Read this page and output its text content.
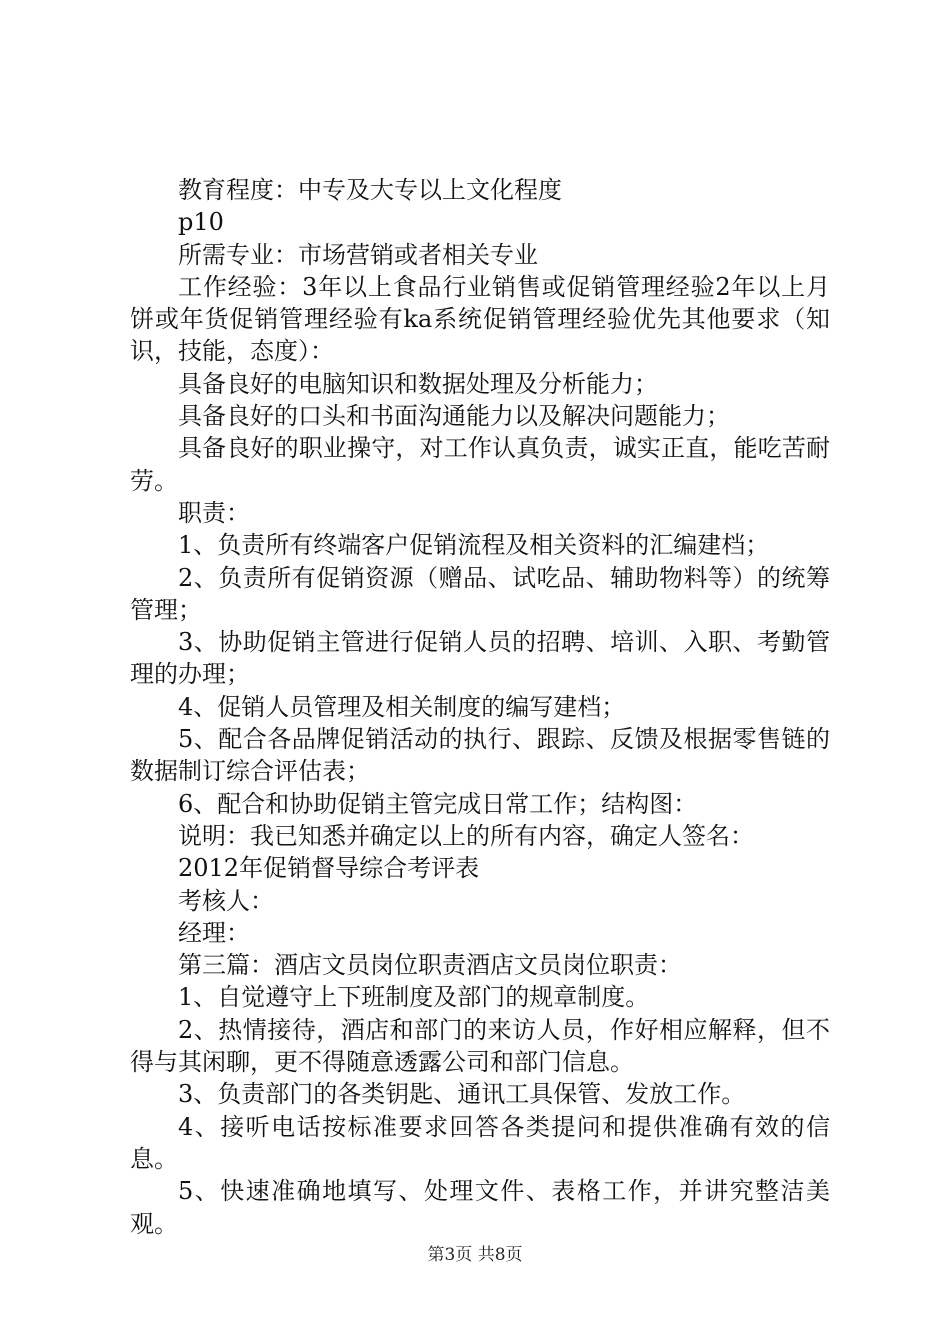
教育程度：中专及大专以上文化程度

p10

所需专业：市场营销或者相关专业

工作经验：3年以上食品行业销售或促销管理经验2年以上月饼或年货促销管理经验有ka系统促销管理经验优先其他要求（知识，技能，态度）：

具备良好的电脑知识和数据处理及分析能力；

具备良好的口头和书面沟通能力以及解决问题能力；

具备良好的职业操守，对工作认真负责，诚实正直，能吃苦耐劳。

职责：

1、负责所有终端客户促销流程及相关资料的汇编建档；

2、负责所有促销资源（赠品、试吃品、辅助物料等）的统筹管理；

3、协助促销主管进行促销人员的招聘、培训、入职、考勤管理的办理；

4、促销人员管理及相关制度的编写建档；

5、配合各品牌促销活动的执行、跟踪、反馈及根据零售链的数据制订综合评估表；

6、配合和协助促销主管完成日常工作；结构图：

说明：我已知悉并确定以上的所有内容，确定人签名：

2012年促销督导综合考评表

考核人：

经理：

第三篇：酒店文员岗位职责酒店文员岗位职责：

1、自觉遵守上下班制度及部门的规章制度。

2、热情接待，酒店和部门的来访人员，作好相应解释，但不得与其闲聊，更不得随意透露公司和部门信息。

3、负责部门的各类钥匙、通讯工具保管、发放工作。

4、接听电话按标准要求回答各类提问和提供准确有效的信息。

5、快速准确地填写、处理文件、表格工作，并讲究整洁美观。

第3页 共8页
